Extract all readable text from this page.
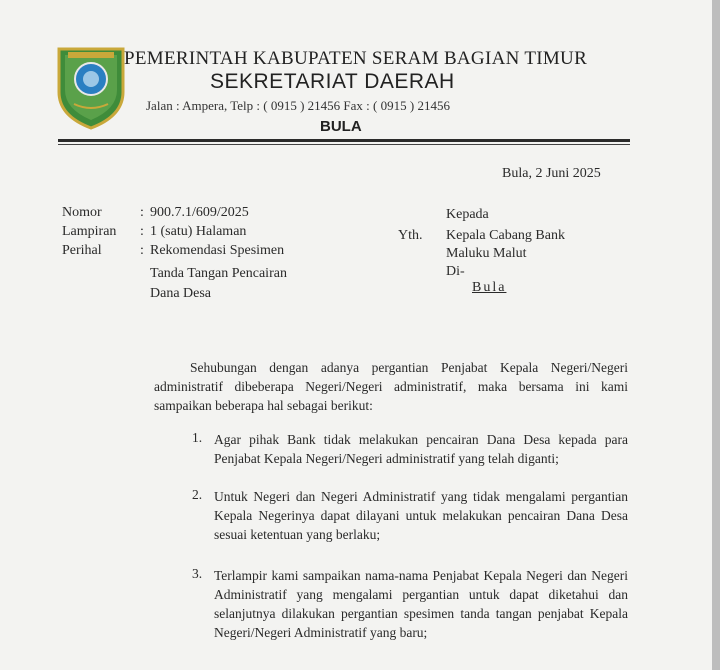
PEMERINTAH KABUPATEN SERAM BAGIAN TIMUR
SEKRETARIAT DAERAH
Jalan : Ampera, Telp : ( 0915 ) 21456 Fax : ( 0915 ) 21456
BULA
Bula, 2 Juni 2025
Nomor	: 900.7.1/609/2025
Lampiran : 1 (satu) Halaman
Perihal	: Rekomendasi Spesimen
Tanda Tangan Pencairan
Dana Desa
Kepada
Yth. Kepala Cabang Bank
Maluku Malut
Di-
Bula
Sehubungan dengan adanya pergantian Penjabat Kepala Negeri/Negeri administratif dibeberapa Negeri/Negeri administratif, maka bersama ini kami sampaikan beberapa hal sebagai berikut:
1. Agar pihak Bank tidak melakukan pencairan Dana Desa kepada para Penjabat Kepala Negeri/Negeri administratif yang telah diganti;
2. Untuk Negeri dan Negeri Administratif yang tidak mengalami pergantian Kepala Negerinya dapat dilayani untuk melakukan pencairan Dana Desa sesuai ketentuan yang berlaku;
3. Terlampir kami sampaikan nama-nama Penjabat Kepala Negeri dan Negeri Administratif yang mengalami pergantian untuk dapat diketahui dan selanjutnya dilakukan pergantian spesimen tanda tangan penjabat Kepala Negeri/Negeri Administratif yang baru;
